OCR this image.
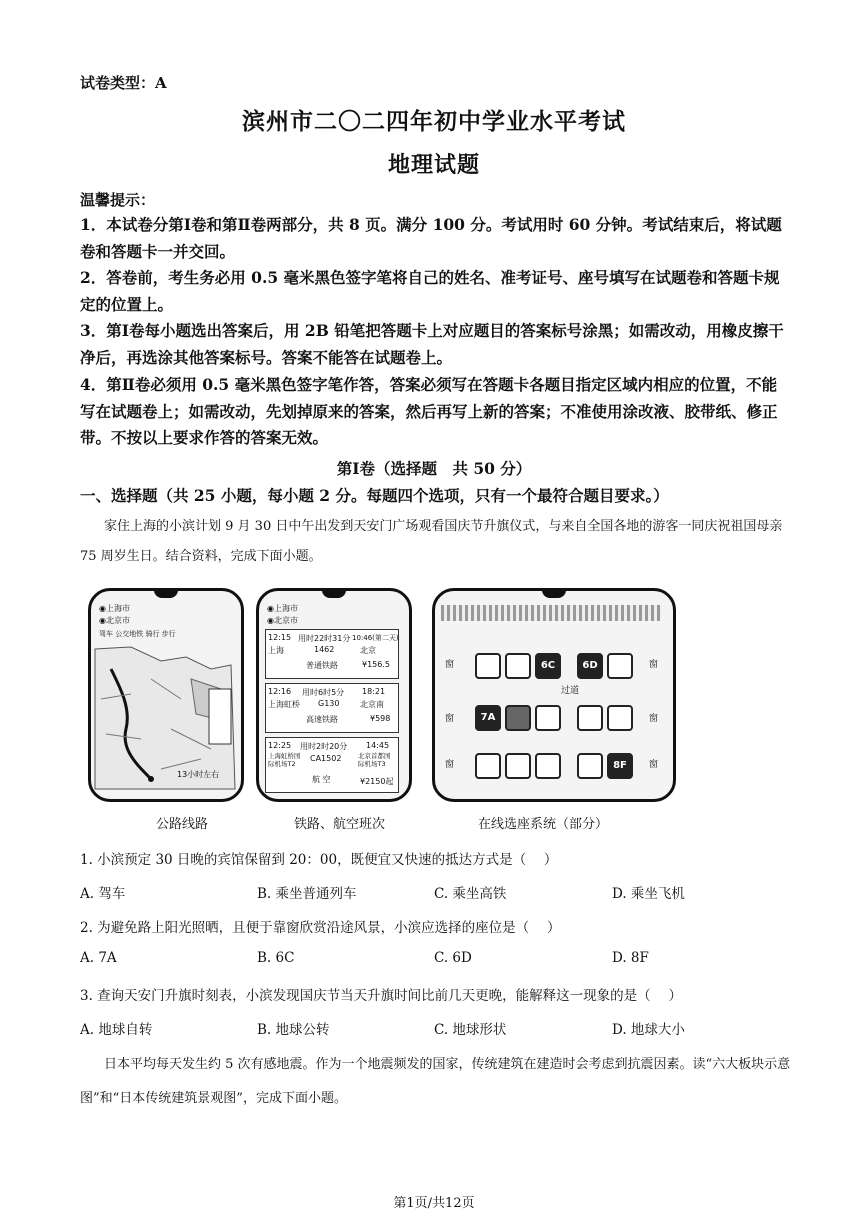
试卷类型：A
滨州市二〇二四年初中学业水平考试
地理试题
温馨提示：
1．本试卷分第Ⅰ卷和第Ⅱ卷两部分，共 8 页。满分 100 分。考试用时 60 分钟。考试结束后，将试题卷和答题卡一并交回。
2．答卷前，考生务必用 0.5 毫米黑色签字笔将自己的姓名、准考证号、座号填写在试题卷和答题卡规定的位置上。
3．第Ⅰ卷每小题选出答案后，用 2B 铅笔把答题卡上对应题目的答案标号涂黑；如需改动，用橡皮擦干净后，再选涂其他答案标号。答案不能答在试题卷上。
4．第Ⅱ卷必须用 0.5 毫米黑色签字笔作答，答案必须写在答题卡各题目指定区域内相应的位置，不能写在试题卷上；如需改动，先划掉原来的答案，然后再写上新的答案；不准使用涂改液、胶带纸、修正带。不按以上要求作答的答案无效。
第Ⅰ卷（选择题　共 50 分）
一、选择题（共 25 小题，每小题 2 分。每题四个选项，只有一个最符合题目要求。）
家住上海的小滨计划 9 月 30 日中午出发到天安门广场观看国庆节升旗仪式，与来自全国各地的游客一同庆祝祖国母亲 75 周岁生日。结合资料，完成下面小题。
◉上海市
◉北京市
驾车 公交地铁 骑行 步行
13小时左右
◉上海市
◉北京市
12:15 用时22时31分 10:46(第二天)
上海	1462	北京
普通铁路	¥156.5
12:16 用时6时5分 18:21
上海虹桥 G130	北京南
高速铁路	¥598
12:25 用时2时20分 14:45
上海虹桥国际机场T2
CA1502	北京首都国际机场T3
航 空	¥2150起
窗
窗
窗
窗
窗
窗
过道
6C	6D
7A
8F
公路线路	铁路、航空班次	在线选座系统（部分）
1. 小滨预定 30 日晚的宾馆保留到 20：00，既便宜又快速的抵达方式是（　 ）
A. 驾车	B. 乘坐普通列车	C. 乘坐高铁	D. 乘坐飞机
2. 为避免路上阳光照晒，且便于靠窗欣赏沿途风景，小滨应选择的座位是（　 ）
A. 7A	B. 6C	C. 6D	D. 8F
3. 查询天安门升旗时刻表，小滨发现国庆节当天升旗时间比前几天更晚，能解释这一现象的是（　 ）
A. 地球自转	B. 地球公转	C. 地球形状	D. 地球大小
日本平均每天发生约 5 次有感地震。作为一个地震频发的国家，传统建筑在建造时会考虑到抗震因素。读“六大板块示意图”和“日本传统建筑景观图”，完成下面小题。
第1页/共12页
